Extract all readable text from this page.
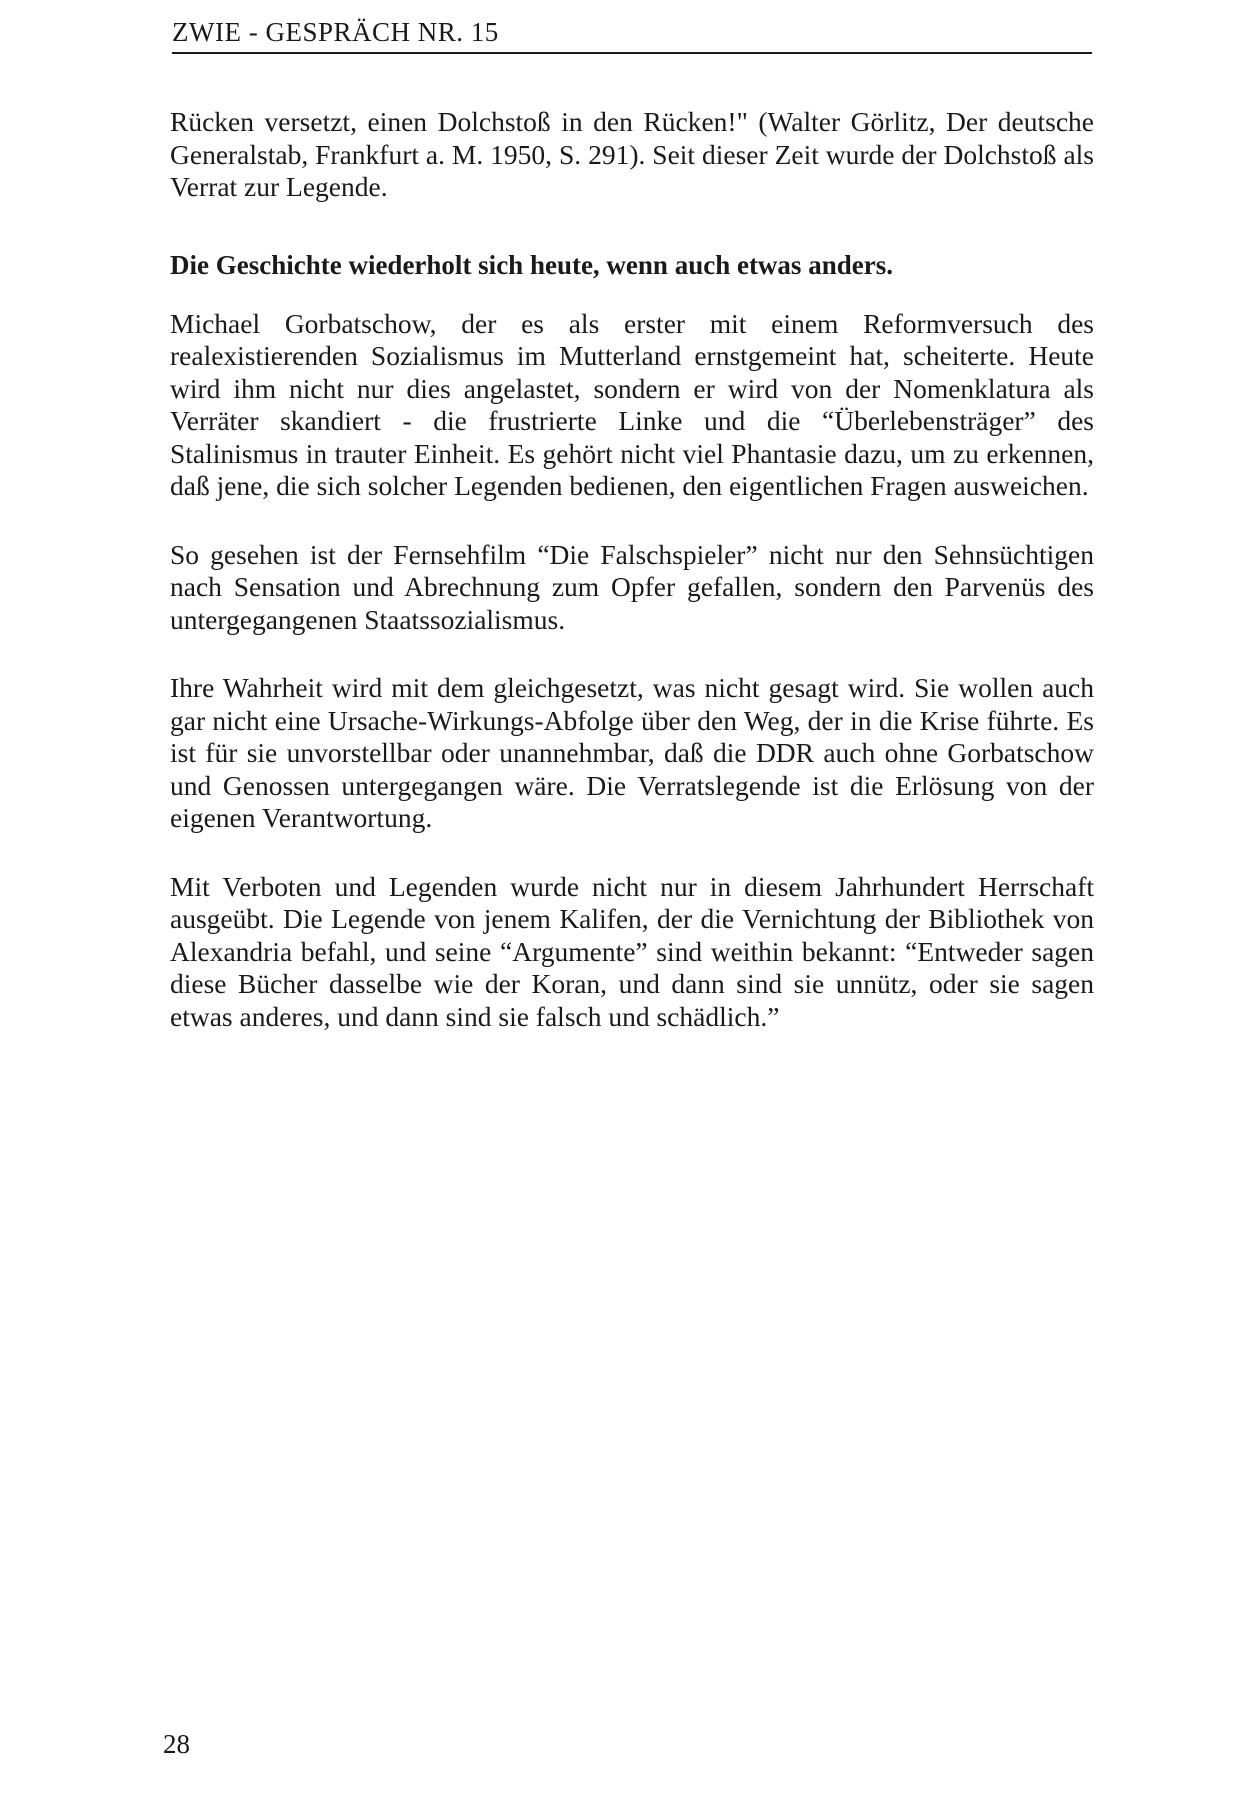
ZWIE - GESPRÄCH NR. 15

Rücken versetzt, einen Dolchstoß in den Rücken!" (Walter Görlitz, Der deutsche Generalstab, Frankfurt a. M. 1950, S. 291). Seit dieser Zeit wurde der Dolchstoß als Verrat zur Legende.

Die Geschichte wiederholt sich heute, wenn auch etwas anders.

Michael Gorbatschow, der es als erster mit einem Reformversuch des realexistierenden Sozialismus im Mutterland ernstgemeint hat, scheiterte. Heute wird ihm nicht nur dies angelastet, sondern er wird von der Nomenklatura als Verräter skandiert - die frustrierte Linke und die “Überlebensträger” des Stalinismus in trauter Einheit. Es gehört nicht viel Phantasie dazu, um zu erkennen, daß jene, die sich solcher Legenden bedienen, den eigentlichen Fragen ausweichen.

So gesehen ist der Fernsehfilm “Die Falschspieler” nicht nur den Sehnsüchtigen nach Sensation und Abrechnung zum Opfer gefallen, sondern den Parvenüs des untergegangenen Staatssozialismus.

Ihre Wahrheit wird mit dem gleichgesetzt, was nicht gesagt wird. Sie wollen auch gar nicht eine Ursache-Wirkungs-Abfolge über den Weg, der in die Krise führte. Es ist für sie unvorstellbar oder unannehmbar, daß die DDR auch ohne Gorbatschow und Genossen untergegangen wäre. Die Verratslegende ist die Erlösung von der eigenen Verantwortung.

Mit Verboten und Legenden wurde nicht nur in diesem Jahrhundert Herrschaft ausgeübt. Die Legende von jenem Kalifen, der die Vernichtung der Bibliothek von Alexandria befahl, und seine “Argumente” sind weithin bekannt: “Entweder sagen diese Bücher dasselbe wie der Koran, und dann sind sie unnütz, oder sie sagen etwas anderes, und dann sind sie falsch und schädlich.”

28
